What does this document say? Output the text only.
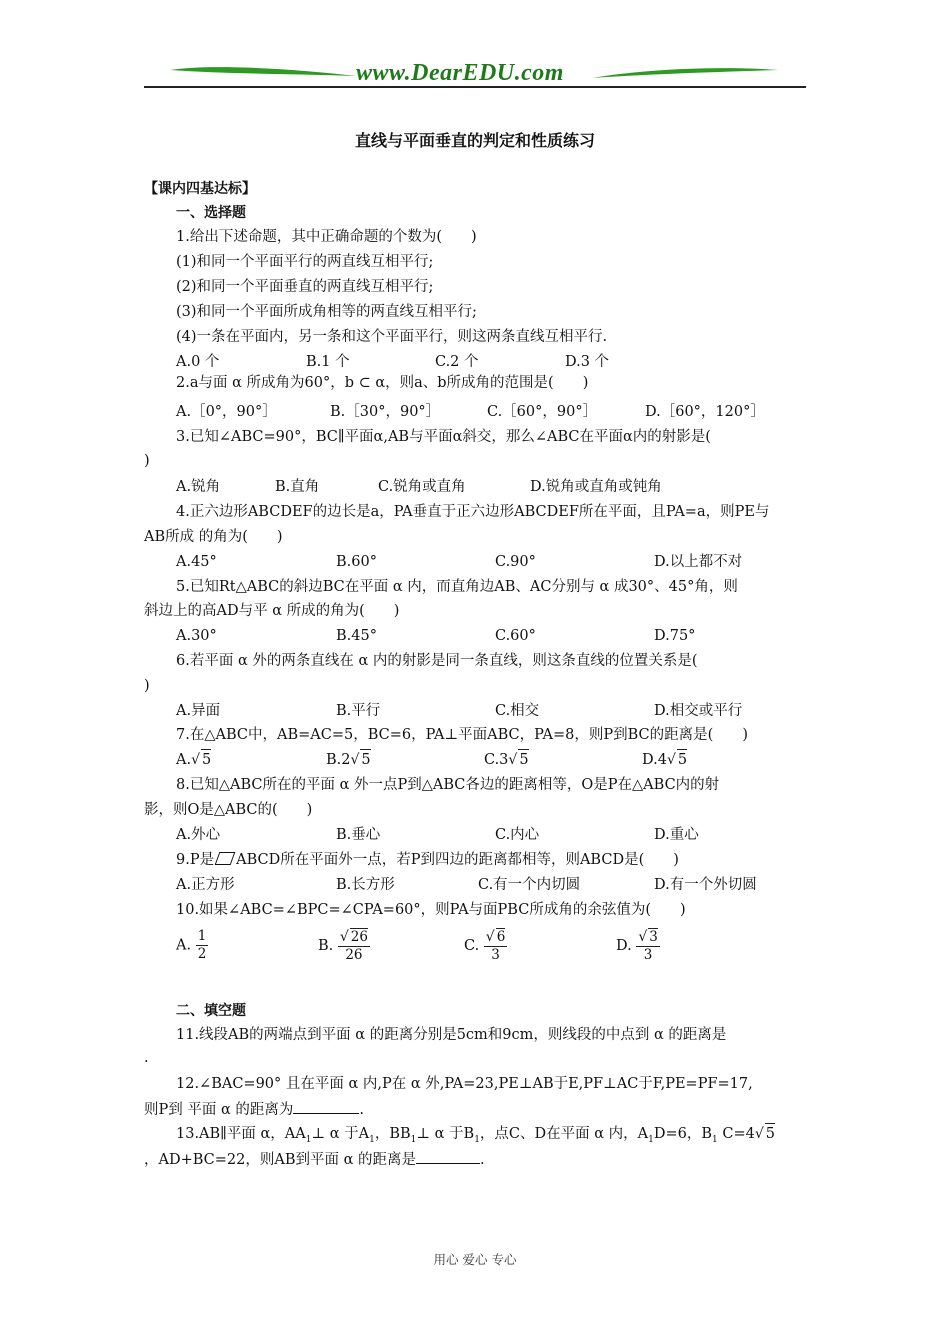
www.DearEDU.com
直线与平面垂直的判定和性质练习
【课内四基达标】
一、选择题
1.给出下述命题，其中正确命题的个数为(　　)
(1)和同一个平面平行的两直线互相平行;
(2)和同一个平面垂直的两直线互相平行;
(3)和同一个平面所成角相等的两直线互相平行;
(4)一条在平面内，另一条和这个平面平行，则这两条直线互相平行.
A.0 个	B.1 个	C.2 个	D.3 个
2.a与面 α 所成角为60°，b ⊂ α，则a、b所成角的范围是(　　)
A.［0°，90°］	B.［30°，90°］	C.［60°，90°］	D.［60°，120°］
3.已知∠ABC=90°，BC∥平面α,AB与平面α斜交，那么∠ABC在平面α内的射影是(
)
A.锐角	B.直角	C.锐角或直角	D.锐角或直角或钝角
4.正六边形ABCDEF的边长是a，PA垂直于正六边形ABCDEF所在平面，且PA=a，则PE与
AB所成 的角为(　　)
A.45°	B.60°	C.90°	D.以上都不对
5.已知Rt△ABC的斜边BC在平面 α 内，而直角边AB、AC分别与 α 成30°、45°角，则
斜边上的高AD与平 α 所成的角为(　　)
A.30°	B.45°	C.60°	D.75°
6.若平面 α 外的两条直线在 α 内的射影是同一条直线，则这条直线的位置关系是(
)
A.异面	B.平行	C.相交	D.相交或平行
7.在△ABC中，AB=AC=5，BC=6，PA⊥平面ABC，PA=8，则P到BC的距离是(　　)
A.√ 5	B.2√ 5	C.3√ 5	D.4√ 5
8.已知△ABC所在的平面 α 外一点P到△ABC各边的距离相等，O是P在△ABC内的射
影，则O是△ABC的(　　)
A.外心	B.垂心	C.内心	D.重心
9.P是 ABCD所在平面外一点，若P到四边的距离都相等，则ABCD是(　　)
A.正方形	B.长方形	C.有一个内切圆	D.有一个外切圆
10.如果∠ABC=∠BPC=∠CPA=60°，则PA与面PBC所成角的余弦值为(　　)
A. $\frac{1}{2}$	B. $\frac{√ 26}{26}$	C. $\frac{√ 6}{3}$	D. $\frac{√ 3}{3}$
二、填空题
11.线段AB的两端点到平面 α 的距离分别是5cm和9cm，则线段的中点到 α 的距离是
.
12.∠BAC=90° 且在平面 α 内,P在 α 外,PA=23,PE⊥AB于E,PF⊥AC于F,PE=PF=17,
则P到 平面 α 的距离为	.
13.AB∥平面 α，$AA_1\perp$ α 于$A_1$，$BB_1\perp$ α 于$B_1$，点C、D在平面 α 内，$A_1D=6$，$B_1$ C=4√ 5
，AD+BC=22，则AB到平面 α 的距离是	.
用心 爱心 专心
